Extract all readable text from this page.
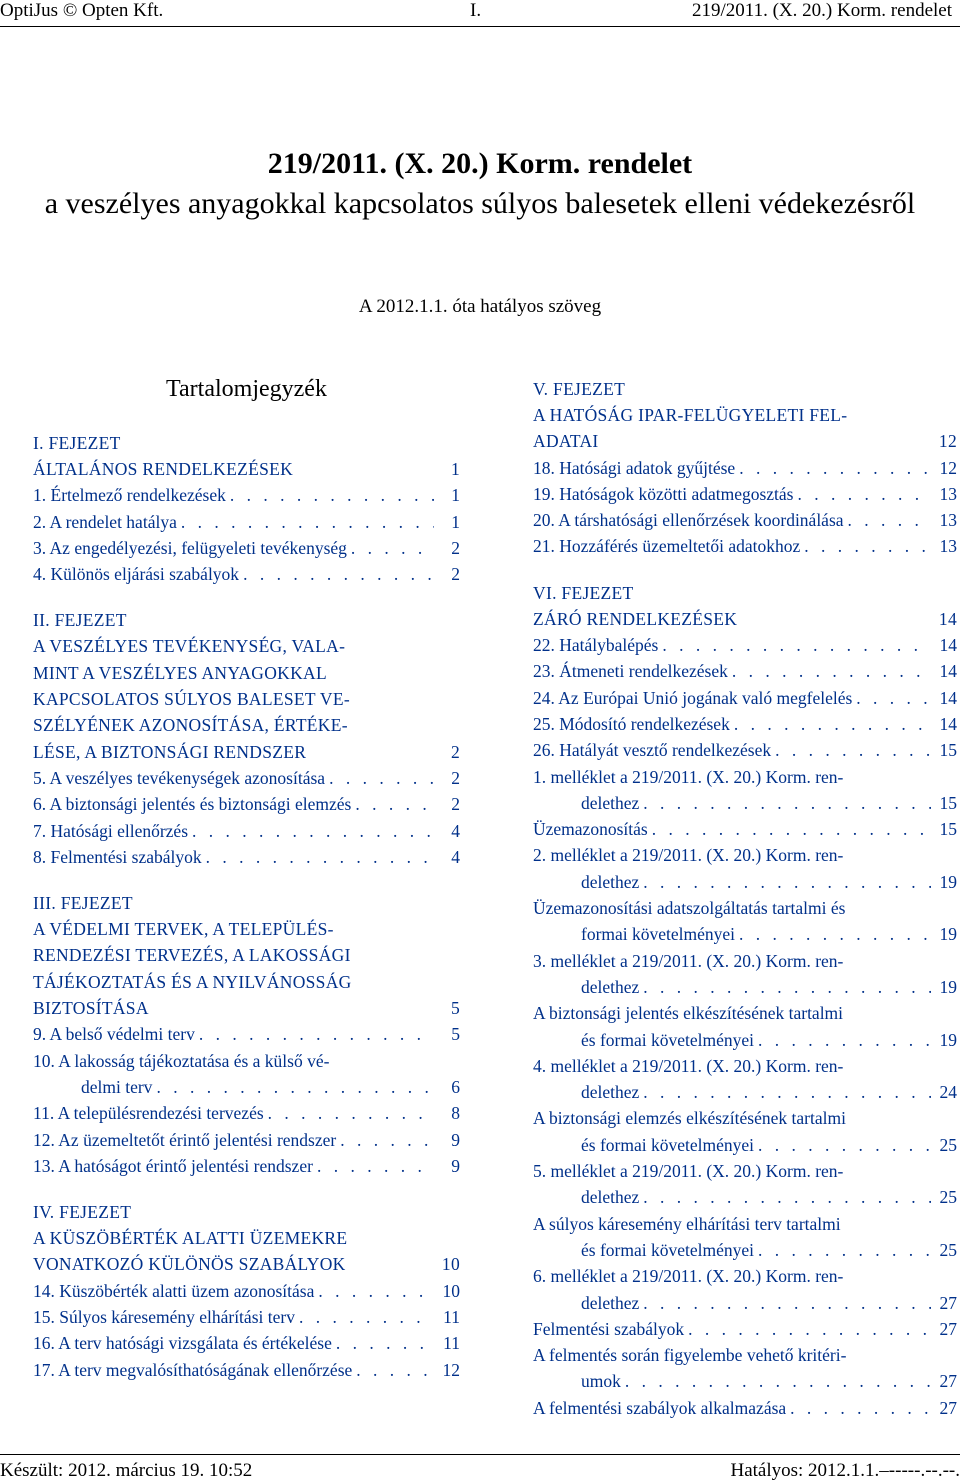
OptiJus © Opten Kft.	I.	219/2011. (X. 20.) Korm. rendelet
219/2011. (X. 20.) Korm. rendelet
a veszélyes anyagokkal kapcsolatos súlyos balesetek elleni védekezésről
A 2012.1.1. óta hatályos szöveg
Tartalomjegyzék
I. FEJEZET
ÁLTALÁNOS RENDELKEZÉSEK	1
1. Értelmező rendelkezések . . .	1
2. A rendelet hatálya . . .	1
3. Az engedélyezési, felügyeleti tevékenység . . .	2
4. Különös eljárási szabályok . . .	2
II. FEJEZET
A VESZÉLYES TEVÉKENYSÉG, VALA-
MINT A VESZÉLYES ANYAGOKKAL
KAPCSOLATOS SÚLYOS BALESET VE-
SZÉLYÉNEK AZONOSÍTÁSA, ÉRTÉKE-
LÉSE, A BIZTONSÁGI RENDSZER	2
5. A veszélyes tevékenységek azonosítása . . .	2
6. A biztonsági jelentés és biztonsági elemzés . . .	2
7. Hatósági ellenőrzés . . .	4
8. Felmentési szabályok . . .	4
III. FEJEZET
A VÉDELMI TERVEK, A TELEPÜLÉS-
RENDEZÉSI TERVEZÉS, A LAKOSSÁGI
TÁJÉKOZTATÁS ÉS A NYILVÁNOSSÁG
BIZTOSÍTÁSA	5
9. A belső védelmi terv . . .	5
10. A lakosság tájékoztatása és a külső vé-
delmi terv . . .	6
11. A településrendezési tervezés . . .	8
12. Az üzemeltetőt érintő jelentési rendszer . . .	9
13. A hatóságot érintő jelentési rendszer . . .	9
IV. FEJEZET
A KÜSZÖBÉRTÉK ALATTI ÜZEMEKRE
VONATKOZÓ KÜLÖNÖS SZABÁLYOK	10
14. Küszöbérték alatti üzem azonosítása . . .	10
15. Súlyos káresemény elhárítási terv . . .	11
16. A terv hatósági vizsgálata és értékelése . . .	11
17. A terv megvalósíthatóságának ellenőrzése . . .	12
V. FEJEZET
A HATÓSÁG IPAR-FELÜGYELETI FEL-
ADATAI	12
18. Hatósági adatok gyűjtése . . .	12
19. Hatóságok közötti adatmegosztás . . .	13
20. A társhatósági ellenőrzések koordinálása . . .	13
21. Hozzáférés üzemeltetői adatokhoz . . .	13
VI. FEJEZET
ZÁRÓ RENDELKEZÉSEK	14
22. Hatálybalépés . . .	14
23. Átmeneti rendelkezések . . .	14
24. Az Európai Unió jogának való megfelelés . . .	14
25. Módosító rendelkezések . . .	14
26. Hatályát vesztő rendelkezések . . .	15
1. melléklet a 219/2011. (X. 20.) Korm. ren-
delethez . . .	15
Üzemazonosítás . . .	15
2. melléklet a 219/2011. (X. 20.) Korm. ren-
delethez . . .	19
Üzemazonosítási adatszolgáltatás tartalmi és
formai követelményei . . .	19
3. melléklet a 219/2011. (X. 20.) Korm. ren-
delethez . . .	19
A biztonsági jelentés elkészítésének tartalmi
és formai követelményei . . .	19
4. melléklet a 219/2011. (X. 20.) Korm. ren-
delethez . . .	24
A biztonsági elemzés elkészítésének tartalmi
és formai követelményei . . .	25
5. melléklet a 219/2011. (X. 20.) Korm. ren-
delethez . . .	25
A súlyos káresemény elhárítási terv tartalmi
és formai követelményei . . .	25
6. melléklet a 219/2011. (X. 20.) Korm. ren-
delethez . . .	27
Felmentési szabályok . . .	27
A felmentés során figyelembe vehető kritéri-
umok . . .	27
A felmentési szabályok alkalmazása . . .	27
Készült: 2012. március 19. 10:52	Hatályos: 2012.1.1.–-----.--.--.
